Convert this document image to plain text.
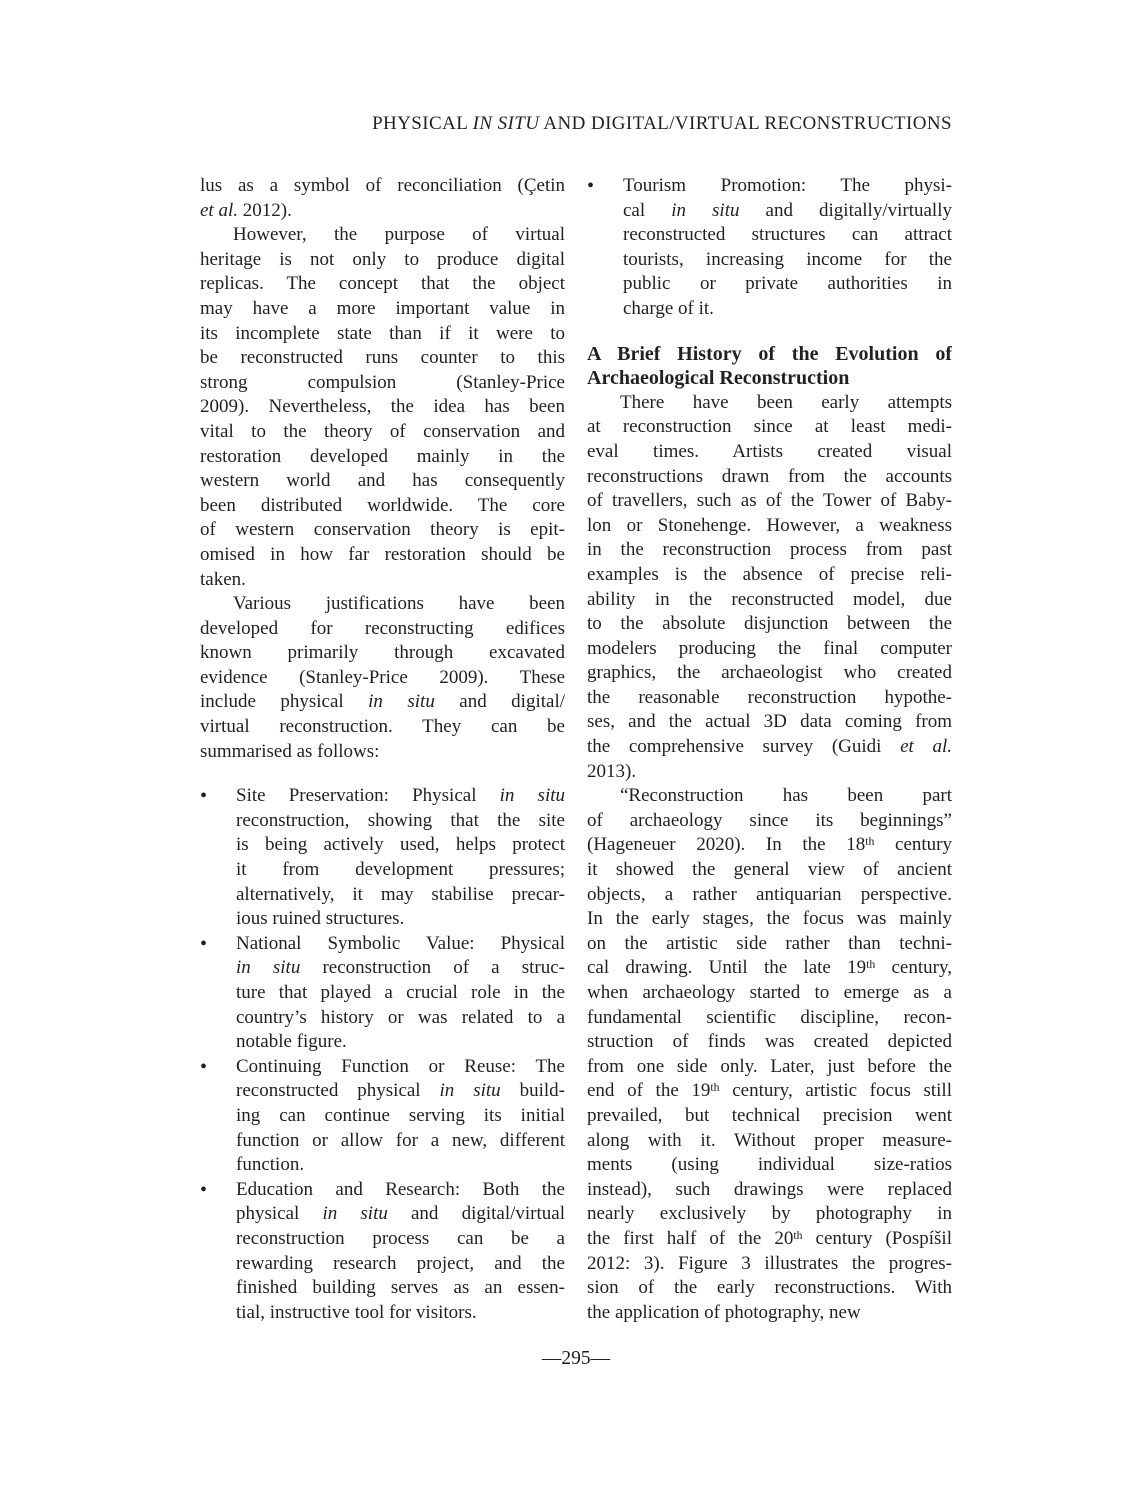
PHYSICAL IN SITU AND DIGITAL/VIRTUAL RECONSTRUCTIONS
lus as a symbol of reconciliation (Çetin
et al. 2012).
However, the purpose of virtual
heritage is not only to produce digital
replicas. The concept that the object
may have a more important value in
its incomplete state than if it were to
be reconstructed runs counter to this
strong compulsion (Stanley-Price
2009). Nevertheless, the idea has been
vital to the theory of conservation and
restoration developed mainly in the
western world and has consequently
been distributed worldwide. The core
of western conservation theory is epit-
omised in how far restoration should be
taken.
Various justifications have been
developed for reconstructing edifices
known primarily through excavated
evidence (Stanley-Price 2009). These
include physical in situ and digital/
virtual reconstruction. They can be
summarised as follows:
•	Site Preservation: Physical in situ
reconstruction, showing that the site
is being actively used, helps protect
it from development pressures;
alternatively, it may stabilise precar-
ious ruined structures.
•	National Symbolic Value: Physical
in situ reconstruction of a struc-
ture that played a crucial role in the
country’s history or was related to a
notable figure.
•	Continuing Function or Reuse: The
reconstructed physical in situ build-
ing can continue serving its initial
function or allow for a new, different
function.
•	Education and Research: Both the
physical in situ and digital/virtual
reconstruction process can be a
rewarding research project, and the
finished building serves as an essen-
tial, instructive tool for visitors.
•	Tourism Promotion: The physi-
cal in situ and digitally/virtually
reconstructed structures can attract
tourists, increasing income for the
public or private authorities in
charge of it.
A Brief History of the Evolution of
Archaeological Reconstruction
There have been early attempts
at reconstruction since at least medi-
eval times. Artists created visual
reconstructions drawn from the accounts
of travellers, such as of the Tower of Baby-
lon or Stonehenge. However, a weakness
in the reconstruction process from past
examples is the absence of precise reli-
ability in the reconstructed model, due
to the absolute disjunction between the
modelers producing the final computer
graphics, the archaeologist who created
the reasonable reconstruction hypothe-
ses, and the actual 3D data coming from
the comprehensive survey (Guidi et al.
2013).
“Reconstruction has been part
of archaeology since its beginnings”
(Hageneuer 2020). In the 18th century
it showed the general view of ancient
objects, a rather antiquarian perspective.
In the early stages, the focus was mainly
on the artistic side rather than techni-
cal drawing. Until the late 19th century,
when archaeology started to emerge as a
fundamental scientific discipline, recon-
struction of finds was created depicted
from one side only. Later, just before the
end of the 19th century, artistic focus still
prevailed, but technical precision went
along with it. Without proper measure-
ments (using individual size-ratios
instead), such drawings were replaced
nearly exclusively by photography in
the first half of the 20th century (Pospíšil
2012: 3). Figure 3 illustrates the progres-
sion of the early reconstructions. With
the application of photography, new
—295—
